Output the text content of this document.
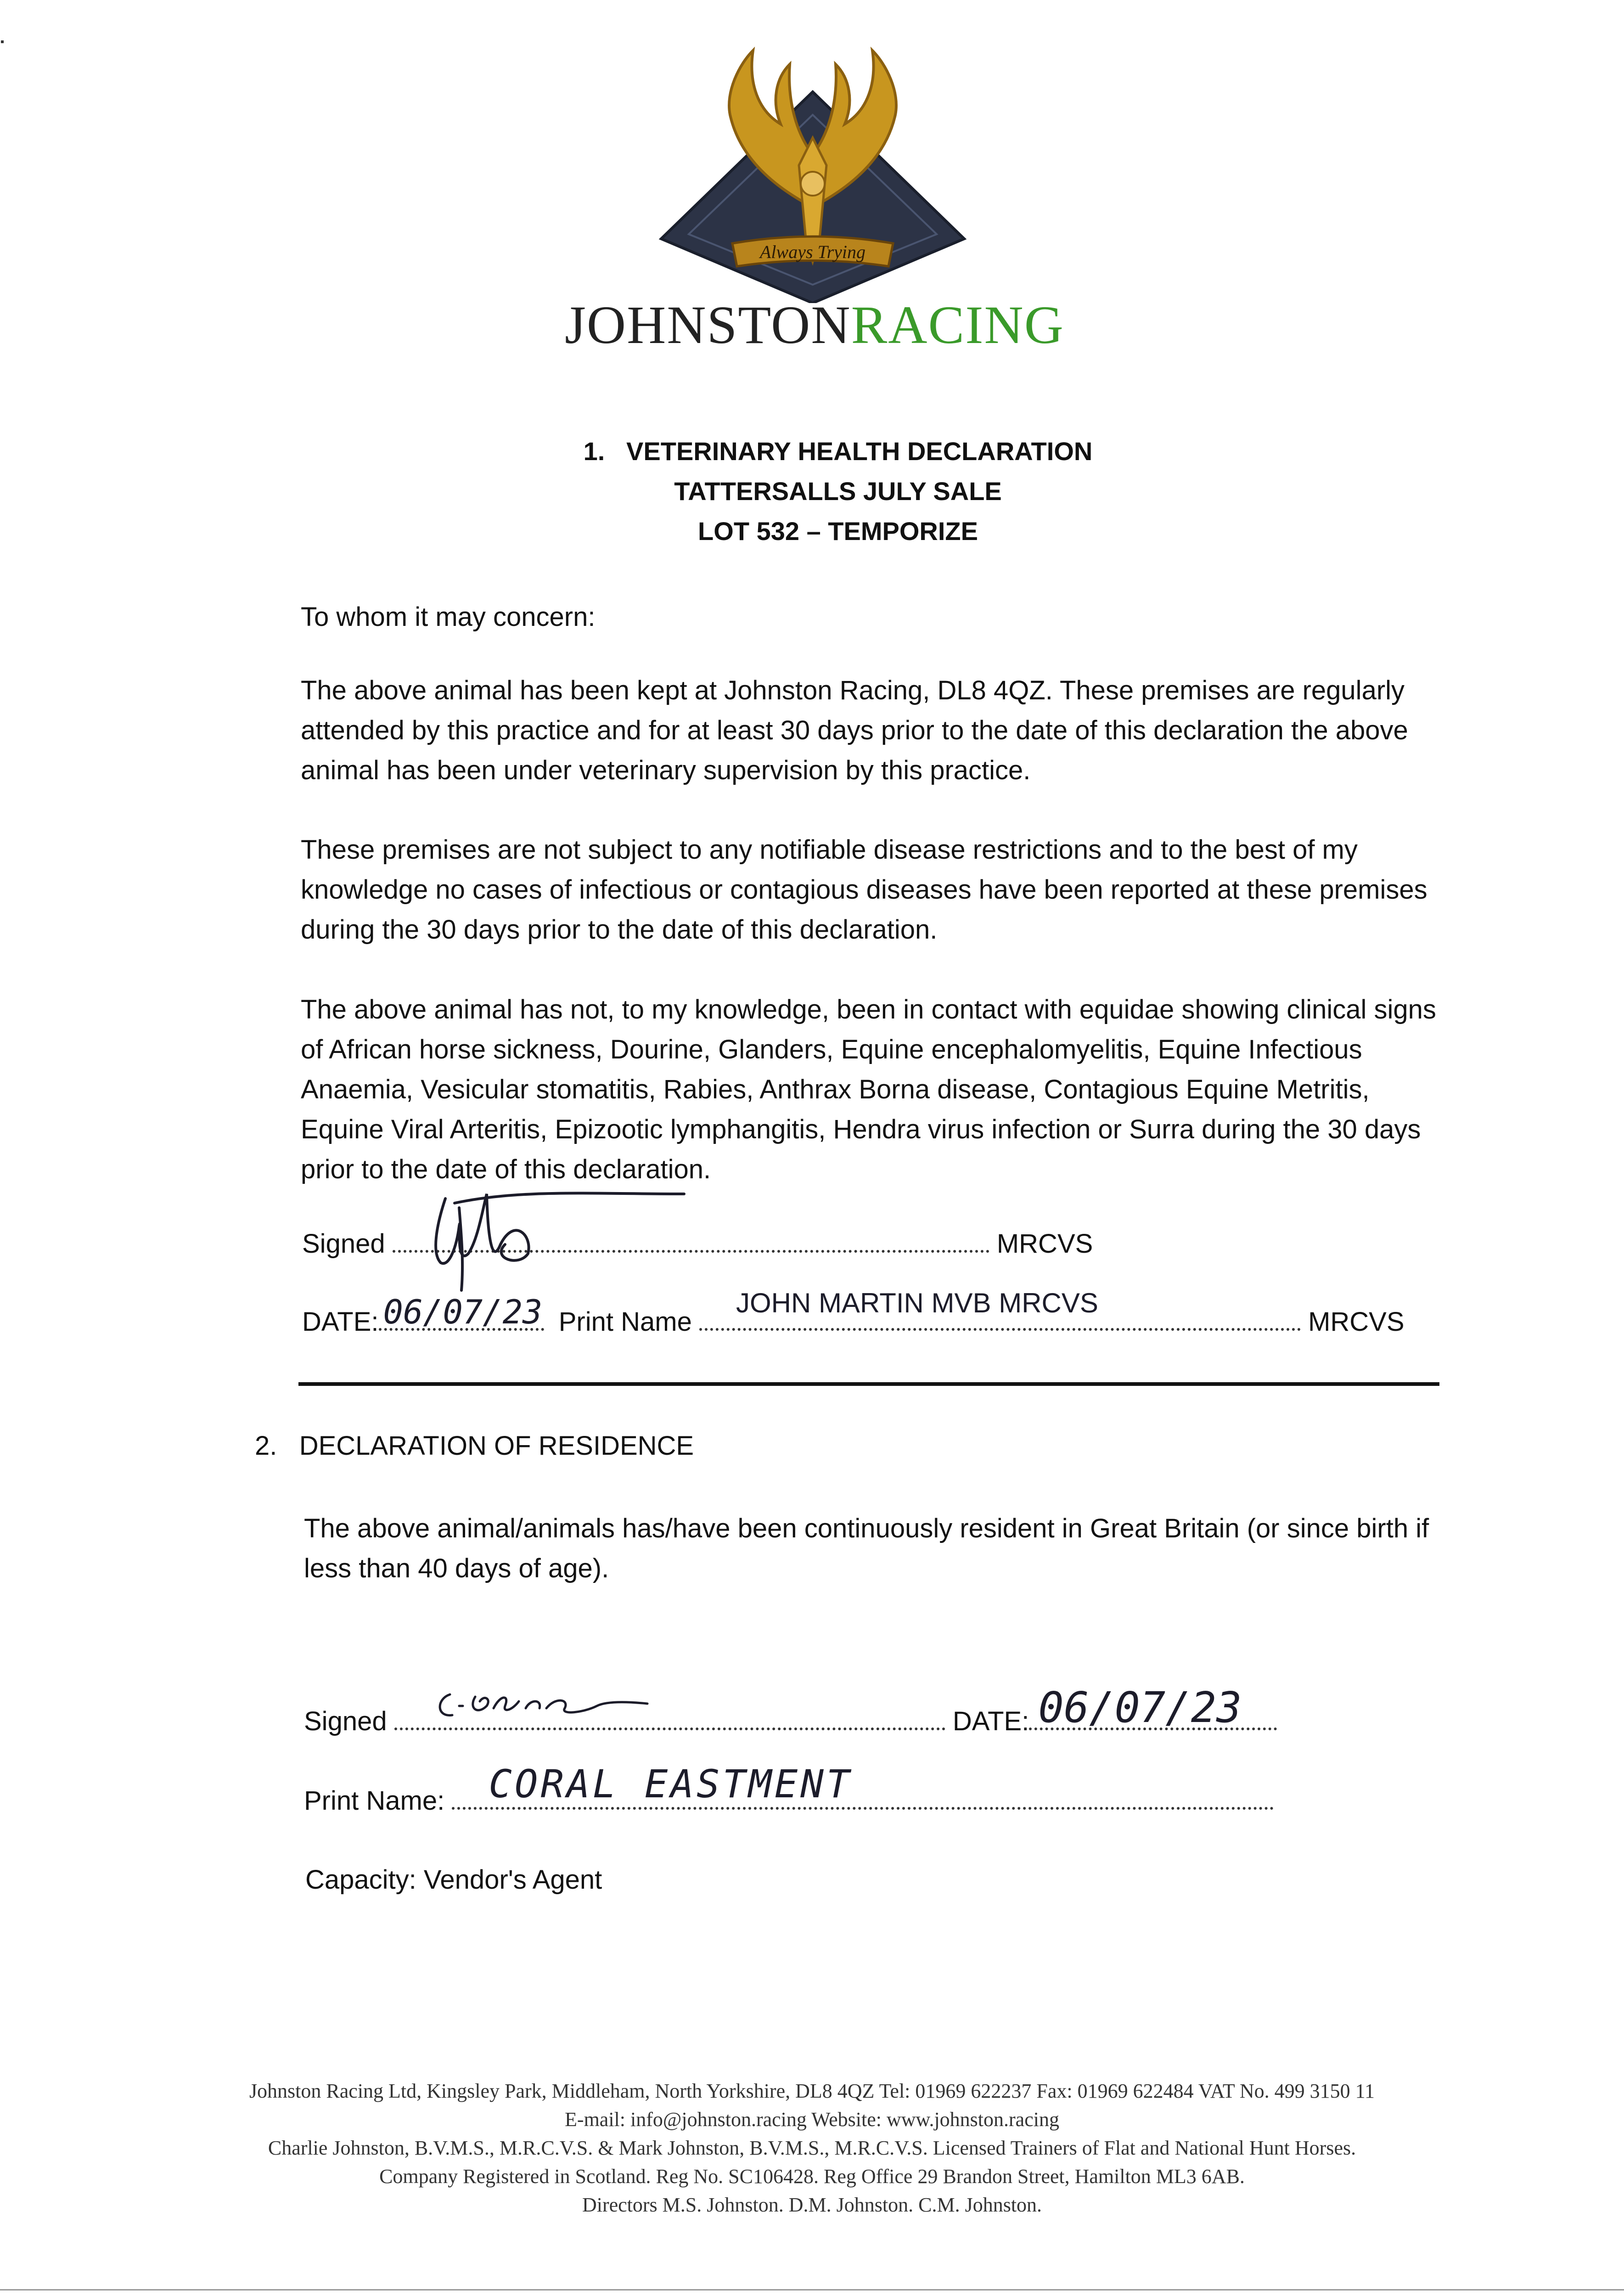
Always Trying
JOHNSTONRACING
1. VETERINARY HEALTH DECLARATION
TATTERSALLS JULY SALE
LOT 532 – TEMPORIZE
To whom it may concern:
The above animal has been kept at Johnston Racing, DL8 4QZ. These premises are regularly attended by this practice and for at least 30 days prior to the date of this declaration the above animal has been under veterinary supervision by this practice.
These premises are not subject to any notifiable disease restrictions and to the best of my knowledge no cases of infectious or contagious diseases have been reported at these premises during the 30 days prior to the date of this declaration.
The above animal has not, to my knowledge, been in contact with equidae showing clinical signs of African horse sickness, Dourine, Glanders, Equine encephalomyelitis, Equine Infectious Anaemia, Vesicular stomatitis, Rabies, Anthrax Borna disease, Contagious Equine Metritis, Equine Viral Arteritis, Epizootic lymphangitis, Hendra virus infection or Surra during the 30 days prior to the date of this declaration.
Signed	MRCVS
DATE: 06/07/23 Print Name
JOHN MARTIN MVB MRCVS
MRCVS
2. DECLARATION OF RESIDENCE
The above animal/animals has/have been continuously resident in Great Britain (or since birth if less than 40 days of age).
Signed	DATE: 06/07/23
Print Name: CORAL EASTMENT
Capacity: Vendor's Agent
Johnston Racing Ltd, Kingsley Park, Middleham, North Yorkshire, DL8 4QZ Tel: 01969 622237 Fax: 01969 622484 VAT No. 499 3150 11
E-mail: info@johnston.racing Website: www.johnston.racing
Charlie Johnston, B.V.M.S., M.R.C.V.S. & Mark Johnston, B.V.M.S., M.R.C.V.S. Licensed Trainers of Flat and National Hunt Horses.
Company Registered in Scotland. Reg No. SC106428. Reg Office 29 Brandon Street, Hamilton ML3 6AB.
Directors M.S. Johnston. D.M. Johnston. C.M. Johnston.
